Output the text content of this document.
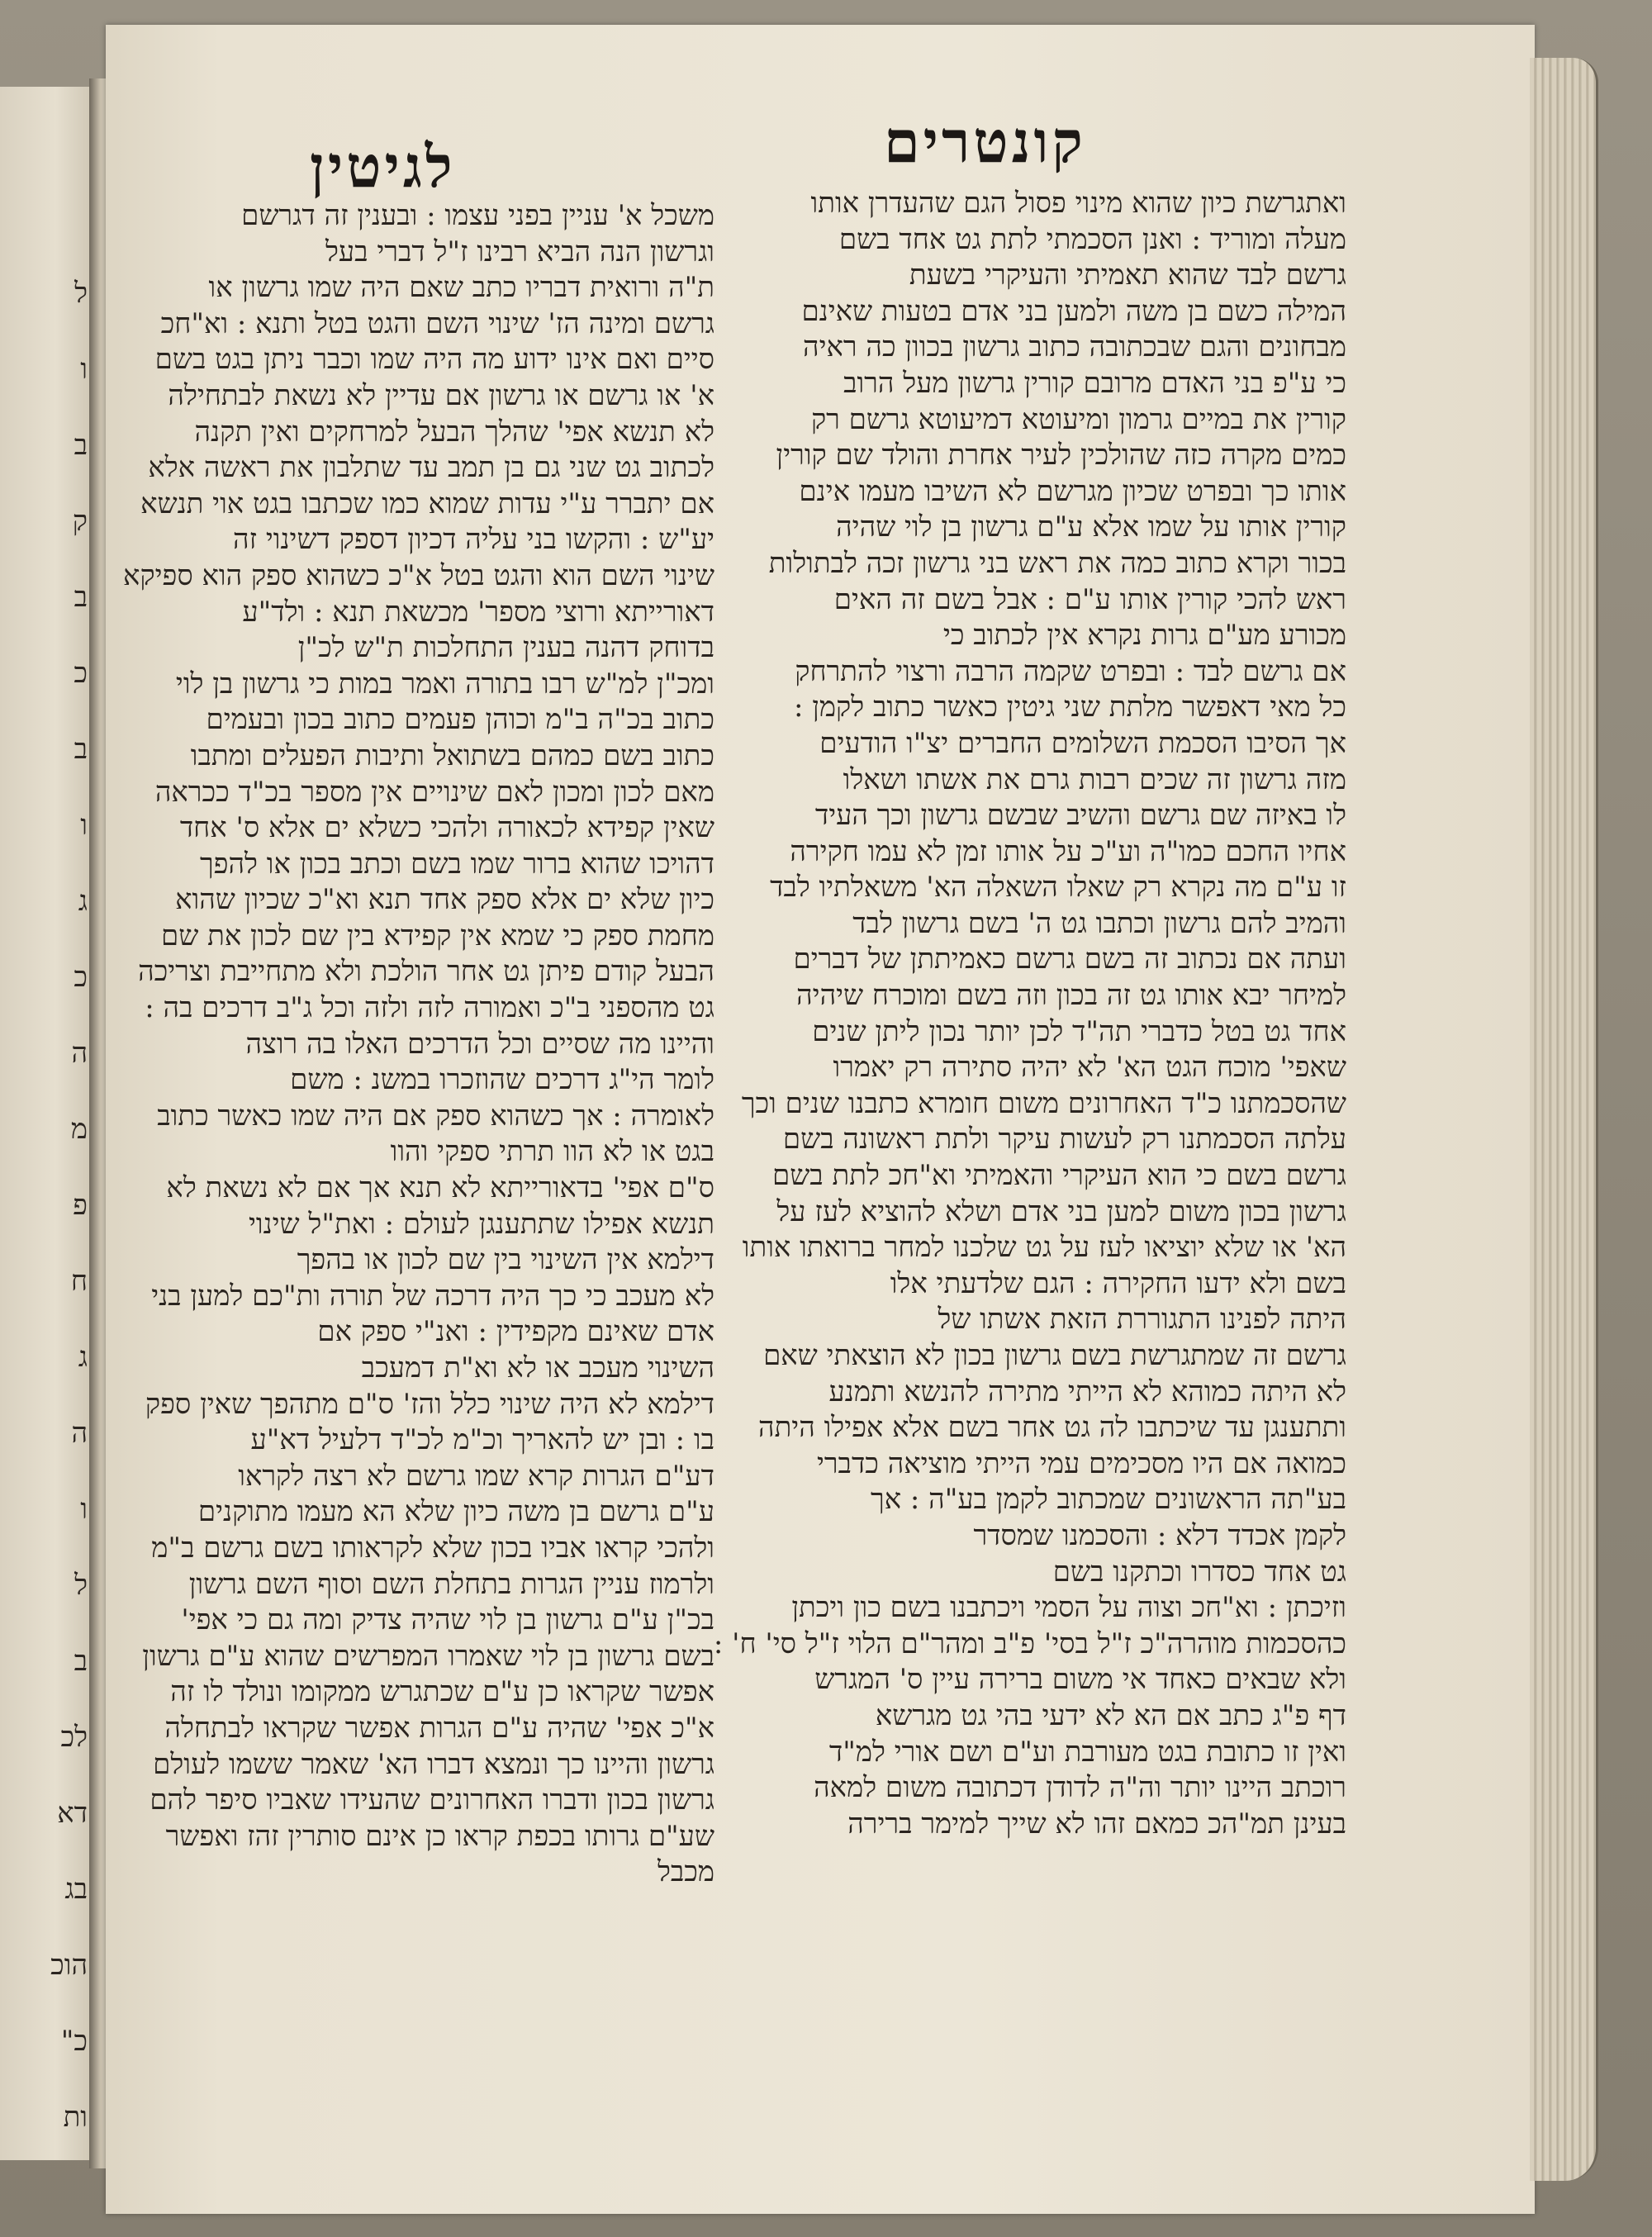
ל
ו
ב
ק
ב
כ
ב
ו
ג
כ
ה
מ
פ
ח
ג
ה
ו
ל
ב
לכ
דא
בג
הוכ
כ"
ות
קונטרים
לגיטין

ואתגרשת כיון שהוא מינוי פסול הגם שהעדרן אותו

מעלה ומוריד : ואנן הסכמתי לתת גט אחד בשם

גרשם לבד שהוא תאמיתי והעיקרי בשעת

המילה כשם בן משה ולמען בני אדם בטעות שאינם

מבחונים והגם שבכתובה כתוב גרשון בכוון כה ראיה

כי ע"פ בני האדם מרובם קורין גרשון מעל הרוב

קורין את במיים גרמון ומיעוטא דמיעוטא גרשם רק

כמים מקרה כזה שהולכין לעיר אחרת והולד שם קורין

אותו כך ובפרט שכיון מגרשם לא השיבו מעמו אינם

קורין אותו על שמו אלא ע"ם גרשון בן לוי שהיה

בכור וקרא כתוב כמה את ראש בני גרשון זכה לבתולות

ראש להכי קורין אותו ע"ם : אבל בשם זה האים

מכורע מע"ם גרות נקרא אין לכתוב כי

אם גרשם לבד : ובפרט שקמה הרבה ורצוי להתרחק

כל מאי דאפשר מלתת שני גיטין כאשר כתוב לקמן :

אך הסיבו הסכמת השלומים החברים יצ"ו הודעים

מזה גרשון זה שכים רבות גרם את אשתו ושאלו

לו באיזה שם גרשם והשיב שבשם גרשון וכך העיד

אחיו החכם כמו"ה וע"כ על אותו זמן לא עמו חקירה

זו ע"ם מה נקרא רק שאלו השאלה הא' משאלתיו לבד

והמיב להם גרשון וכתבו גט ה' בשם גרשון לבד

ועתה אם נכתוב זה בשם גרשם כאמיתתן של דברים

למיחר יבא אותו גט זה בכון וזה בשם ומוכרח שיהיה

אחד גט בטל כדברי תה"ד לכן יותר נכון ליתן שנים

שאפי' מוכח הגט הא' לא יהיה סתירה רק יאמרו

שהסכמתנו כ"ד האחרונים משום חומרא כתבנו שנים וכך

עלתה הסכמתנו רק לעשות עיקר ולתת ראשונה בשם

גרשם בשם כי הוא העיקרי והאמיתי וא"חכ לתת בשם

גרשון בכון משום למען בני אדם ושלא להוציא לעז על

הא' או שלא יוציאו לעז על גט שלכנו למחר ברואתו אותו

בשם ולא ידעו החקירה : הגם שלדעתי אלו

היתה לפנינו התגוררת הזאת אשתו של

גרשם זה שמתגרשת בשם גרשון בכון לא הוצאתי שאם

לא היתה כמוהא לא הייתי מתירה להנשא ותמנע

ותתענגן עד שיכתבו לה גט אחר בשם אלא אפילו היתה

כמואה אם היו מסכימים עמי הייתי מוציאה כדברי

בע"תה הראשונים שמכתוב לקמן בע"ה : אך

לקמן אכדד דלא : והסכמנו שמסדר

גט אחד כסדרו וכתקנו בשם

וזיכתן : וא"חכ וצוה על הסמי ויכתבנו בשם כון ויכתן

כהסכמות מוהרה"כ ז"ל בסי' פ"ב ומהר"ם הלוי ז"ל סי' ח' :

ולא שבאים כאחד אי משום ברירה עיין ס' המגרש

דף פ"ג כתב אם הא לא ידעי בהי גט מגרשא

ואין זו כתובת בגט מעורבת וע"ם ושם אורי למ"ד

רוכתב היינו יותר וה"ה לדודן דכתובה משום למאה

בעינן תמ"הכ כמאם זהו לא שייך למימר ברירה

משכל א' עניין בפני עצמו : ובענין זה דגרשם

וגרשון הנה הביא רבינו ז"ל דברי בעל

ת"ה ורואית דבריו כתב שאם היה שמו גרשון או

גרשם ומינה הז' שינוי השם והגט בטל ותנא : וא"חכ

סיים ואם אינו ידוע מה היה שמו וכבר ניתן בגט בשם

א' או גרשם או גרשון אם עדיין לא נשאת לבתחילה

לא תנשא אפי' שהלך הבעל למרחקים ואין תקנה

לכתוב גט שני גם בן תמב עד שתלבון את ראשה אלא

אם יתברר ע"י עדות שמוא כמו שכתבו בגט אוי תנשא

יע"ש : והקשו בני עליה דכיון דספק דשינוי זה

שינוי השם הוא והגט בטל א"כ כשהוא ספק הוא ספיקא

דאורייתא ורוצי מספר' מכשאת תנא : ולד"ע

בדוחק דהנה בענין התחלכות ת"ש לכ"ן

ומכ"ן למ"ש רבו בתורה ואמר במות כי גרשון בן לוי

כתוב בכ"ה ב"מ וכוהן פעמים כתוב בכון ובעמים

כתוב בשם כמהם בשתואל ותיבות הפעלים ומתבו

מאם לכון ומכון לאם שינויים אין מספר בכ"ד ככראה

שאין קפידא לכאורה ולהכי כשלא ים אלא ס' אחד

דהויכו שהוא ברור שמו בשם וכתב בכון או להפך

כיון שלא ים אלא ספק אחד תנא וא"כ שכיון שהוא

מחמת ספק כי שמא אין קפידא בין שם לכון את שם

הבעל קודם פיתן גט אחר הולכת ולא מתחייבת וצריכה

גט מהספני ב"כ ואמורה לזה ולזה וכל ג"ב דרכים בה :

והיינו מה שסיים וכל הדרכים האלו בה רוצה

לומר הי"ג דרכים שהוזכרו במשנ : משם

לאומרה : אך כשהוא ספק אם היה שמו כאשר כתוב

בגט או לא הוו תרתי ספקי והוו

ס"ם אפי' בדאורייתא לא תנא אך אם לא נשאת לא

תנשא אפילו שתתענגן לעולם : ואת"ל שינוי

דילמא אין השינוי בין שם לכון או בהפך

לא מעכב כי כך היה דרכה של תורה ות"כם למען בני

אדם שאינם מקפידין : ואנ"י ספק אם

השינוי מעכב או לא וא"ת דמעכב

דילמא לא היה שינוי כלל והז' ס"ם מתהפך שאין ספק

בו : ובן יש להאריך וכ"מ לכ"ד דלעיל דא"ע

דע"ם הגרות קרא שמו גרשם לא רצה לקראו

ע"ם גרשם בן משה כיון שלא הא מעמו מתוקנים

ולהכי קראו אביו בכון שלא לקראותו בשם גרשם ב"מ

ולרמוז עניין הגרות בתחלת השם וסוף השם גרשון

בכ"ן ע"ם גרשון בן לוי שהיה צדיק ומה גם כי אפי'

בשם גרשון בן לוי שאמרו המפרשים שהוא ע"ם גרשון

אפשר שקראו כן ע"ם שכתגרש ממקומו ונולד לו זה

א"כ אפי' שהיה ע"ם הגרות אפשר שקראו לבתחלה

גרשון והיינו כך ונמצא דברו הא' שאמר ששמו לעולם

גרשון בכון ודברו האחרונים שהעידו שאביו סיפר להם

שע"ם גרותו בכפת קראו כן אינם סותרין זהז ואפשר

מכבל
